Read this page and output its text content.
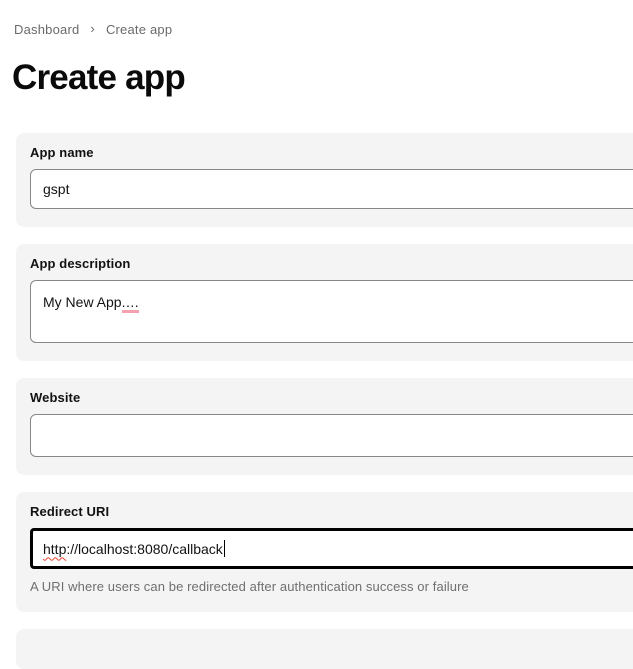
Dashboard › Create app
Create app
App name
gspt
App description
My New App....
Website
Redirect URI
http://localhost:8080/callback

A URI where users can be redirected after authentication success or failure
